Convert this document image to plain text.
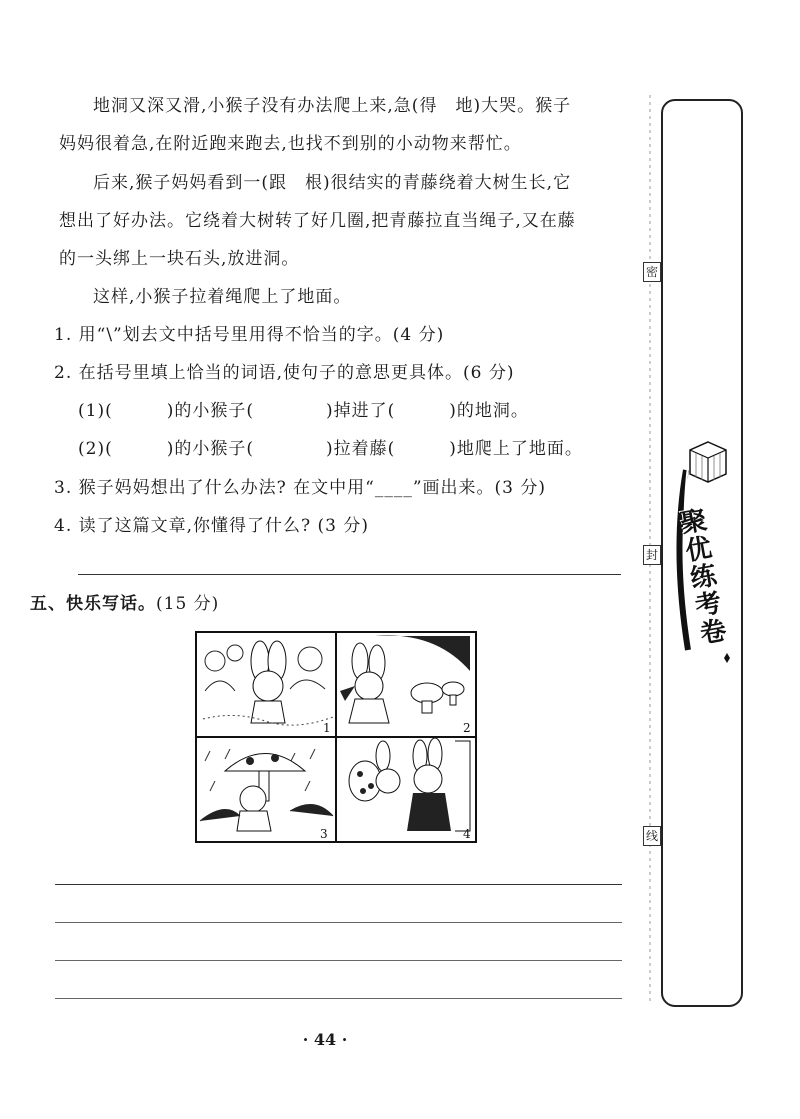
地洞又深又滑,小猴子没有办法爬上来,急(得　地)大哭。猴子
妈妈很着急,在附近跑来跑去,也找不到别的小动物来帮忙。
后来,猴子妈妈看到一(跟　根)很结实的青藤绕着大树生长,它
想出了好办法。它绕着大树转了好几圈,把青藤拉直当绳子,又在藤
的一头绑上一块石头,放进洞。
这样,小猴子拉着绳爬上了地面。
1. 用“\”划去文中括号里用得不恰当的字。(4 分)
2. 在括号里填上恰当的词语,使句子的意思更具体。(6 分)
(1)(　　　)的小猴子(　　　　)掉进了(　　　)的地洞。
(2)(　　　)的小猴子(　　　　)拉着藤(　　　)地爬上了地面。
3. 猴子妈妈想出了什么办法? 在文中用“____”画出来。(3 分)
4. 读了这篇文章,你懂得了什么? (3 分)
五、快乐写话。(15 分)
1	2
3	4
密
封
线
聚优练考卷
· 44 ·
